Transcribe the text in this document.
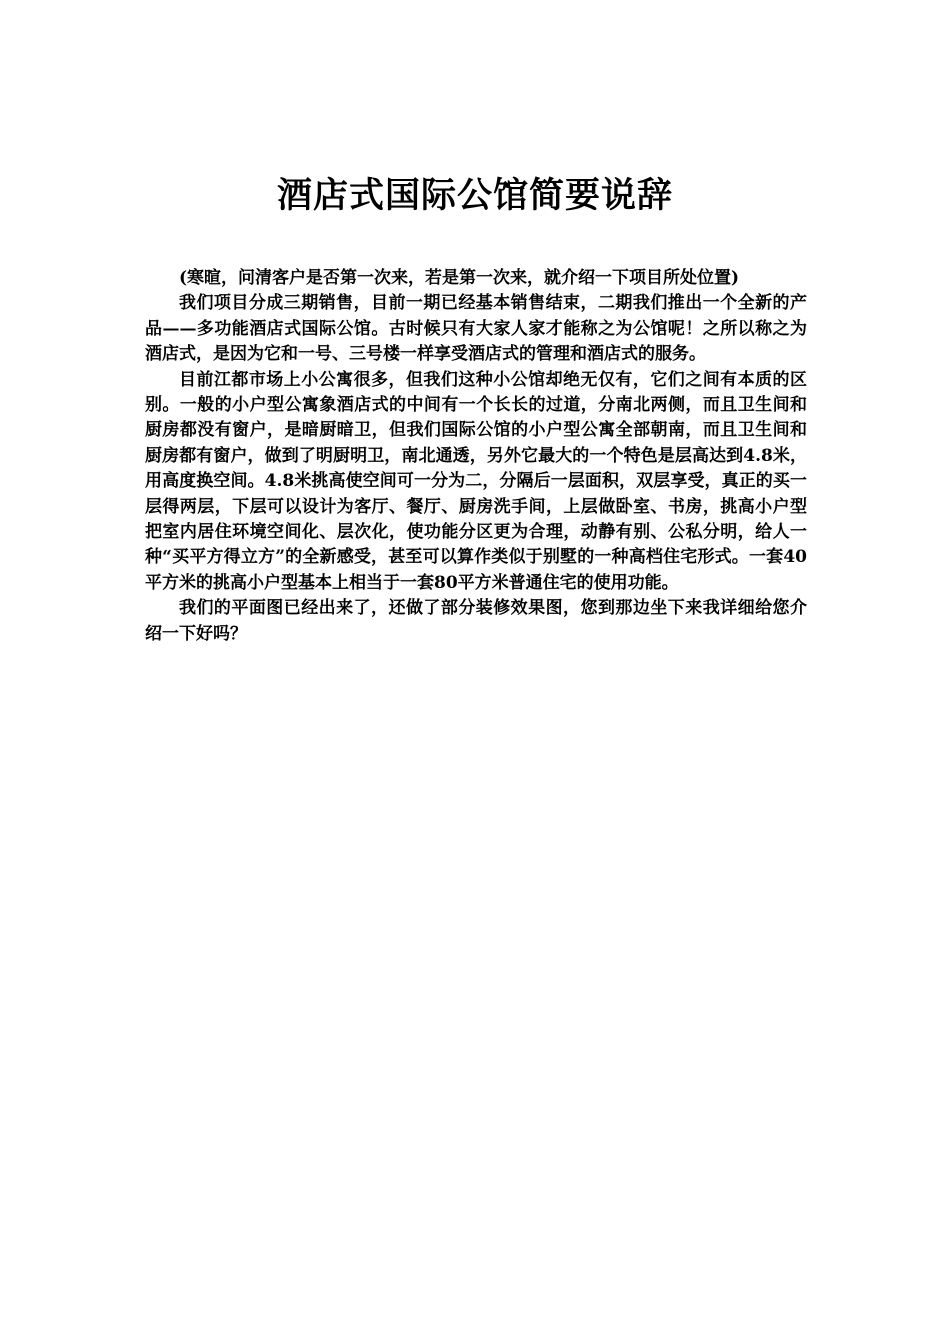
酒店式国际公馆简要说辞

(寒暄，问清客户是否第一次来，若是第一次来，就介绍一下项目所处位置)

我们项目分成三期销售，目前一期已经基本销售结束，二期我们推出一个全新的产品——多功能酒店式国际公馆。古时候只有大家人家才能称之为公馆呢！之所以称之为酒店式，是因为它和一号、三号楼一样享受酒店式的管理和酒店式的服务。

目前江都市场上小公寓很多，但我们这种小公馆却绝无仅有，它们之间有本质的区别。一般的小户型公寓象酒店式的中间有一个长长的过道，分南北两侧，而且卫生间和厨房都没有窗户，是暗厨暗卫，但我们国际公馆的小户型公寓全部朝南，而且卫生间和厨房都有窗户，做到了明厨明卫，南北通透，另外它最大的一个特色是层高达到4.8米，用高度换空间。4.8米挑高使空间可一分为二，分隔后一层面积，双层享受，真正的买一层得两层，下层可以设计为客厅、餐厅、厨房洗手间，上层做卧室、书房，挑高小户型把室内居住环境空间化、层次化，使功能分区更为合理，动静有别、公私分明，给人一种“买平方得立方”的全新感受，甚至可以算作类似于别墅的一种高档住宅形式。一套40平方米的挑高小户型基本上相当于一套80平方米普通住宅的使用功能。

我们的平面图已经出来了，还做了部分装修效果图，您到那边坐下来我详细给您介绍一下好吗？
